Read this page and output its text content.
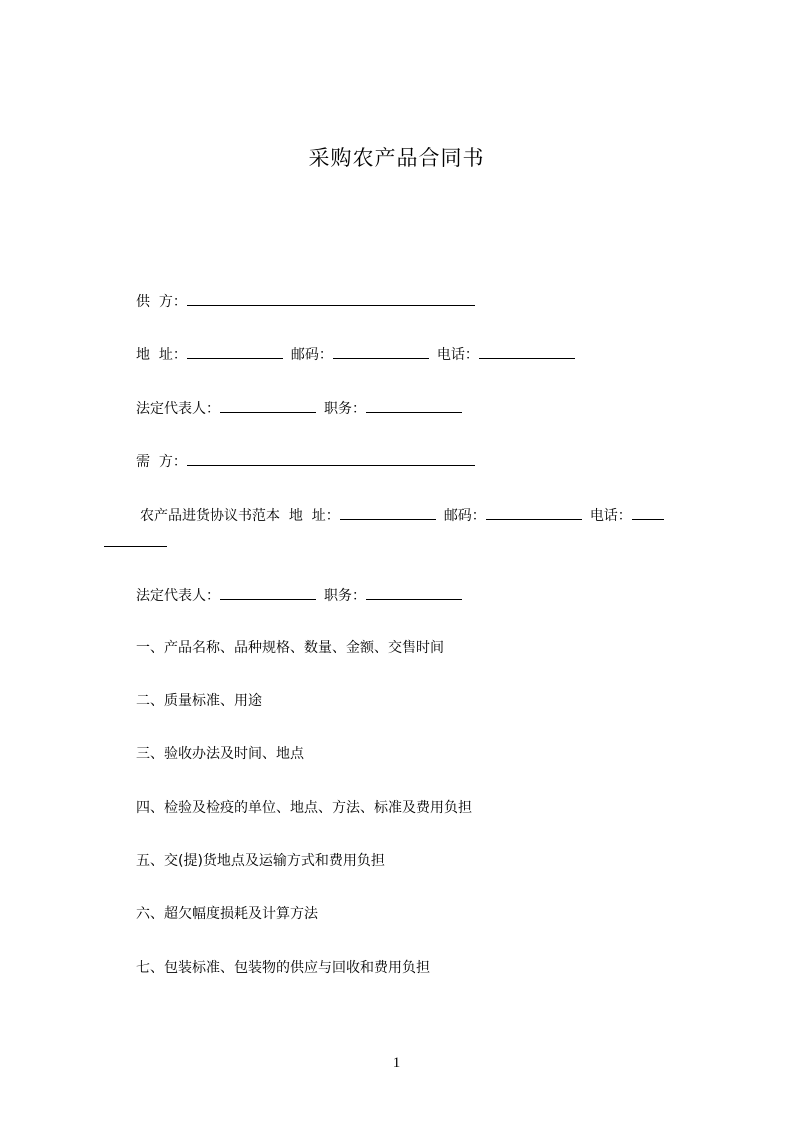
采购农产品合同书
供  方：
地  址：	邮码：	电话：
法定代表人：	职务：
需  方：
农产品进货协议书范本  地  址：	邮码：	电话：
法定代表人：	职务：
一、产品名称、品种规格、数量、金额、交售时间
二、质量标准、用途
三、验收办法及时间、地点
四、检验及检疫的单位、地点、方法、标准及费用负担
五、交(提)货地点及运输方式和费用负担
六、超欠幅度损耗及计算方法
七、包装标准、包装物的供应与回收和费用负担
1
